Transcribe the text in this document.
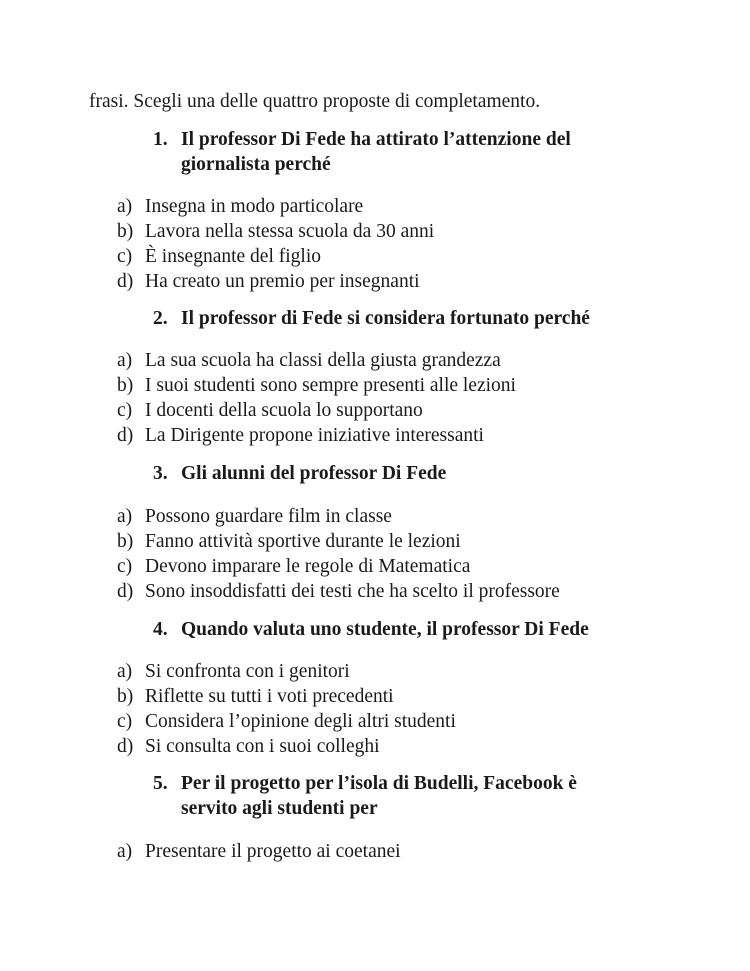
frasi. Scegli una delle quattro proposte di completamento.
1. Il professor Di Fede ha attirato l’attenzione del giornalista perché
a) Insegna in modo particolare
b) Lavora nella stessa scuola da 30 anni
c) È insegnante del figlio
d) Ha creato un premio per insegnanti
2. Il professor di Fede si considera fortunato perché
a) La sua scuola ha classi della giusta grandezza
b) I suoi studenti sono sempre presenti alle lezioni
c) I docenti della scuola lo supportano
d) La Dirigente propone iniziative interessanti
3. Gli alunni del professor Di Fede
a) Possono guardare film in classe
b) Fanno attività sportive durante le lezioni
c) Devono imparare le regole di Matematica
d) Sono insoddisfatti dei testi che ha scelto il professore
4. Quando valuta uno studente, il professor Di Fede
a) Si confronta con i genitori
b) Riflette su tutti i voti precedenti
c) Considera l’opinione degli altri studenti
d) Si consulta con i suoi colleghi
5. Per il progetto per l’isola di Budelli, Facebook è servito agli studenti per
a) Presentare il progetto ai coetanei
